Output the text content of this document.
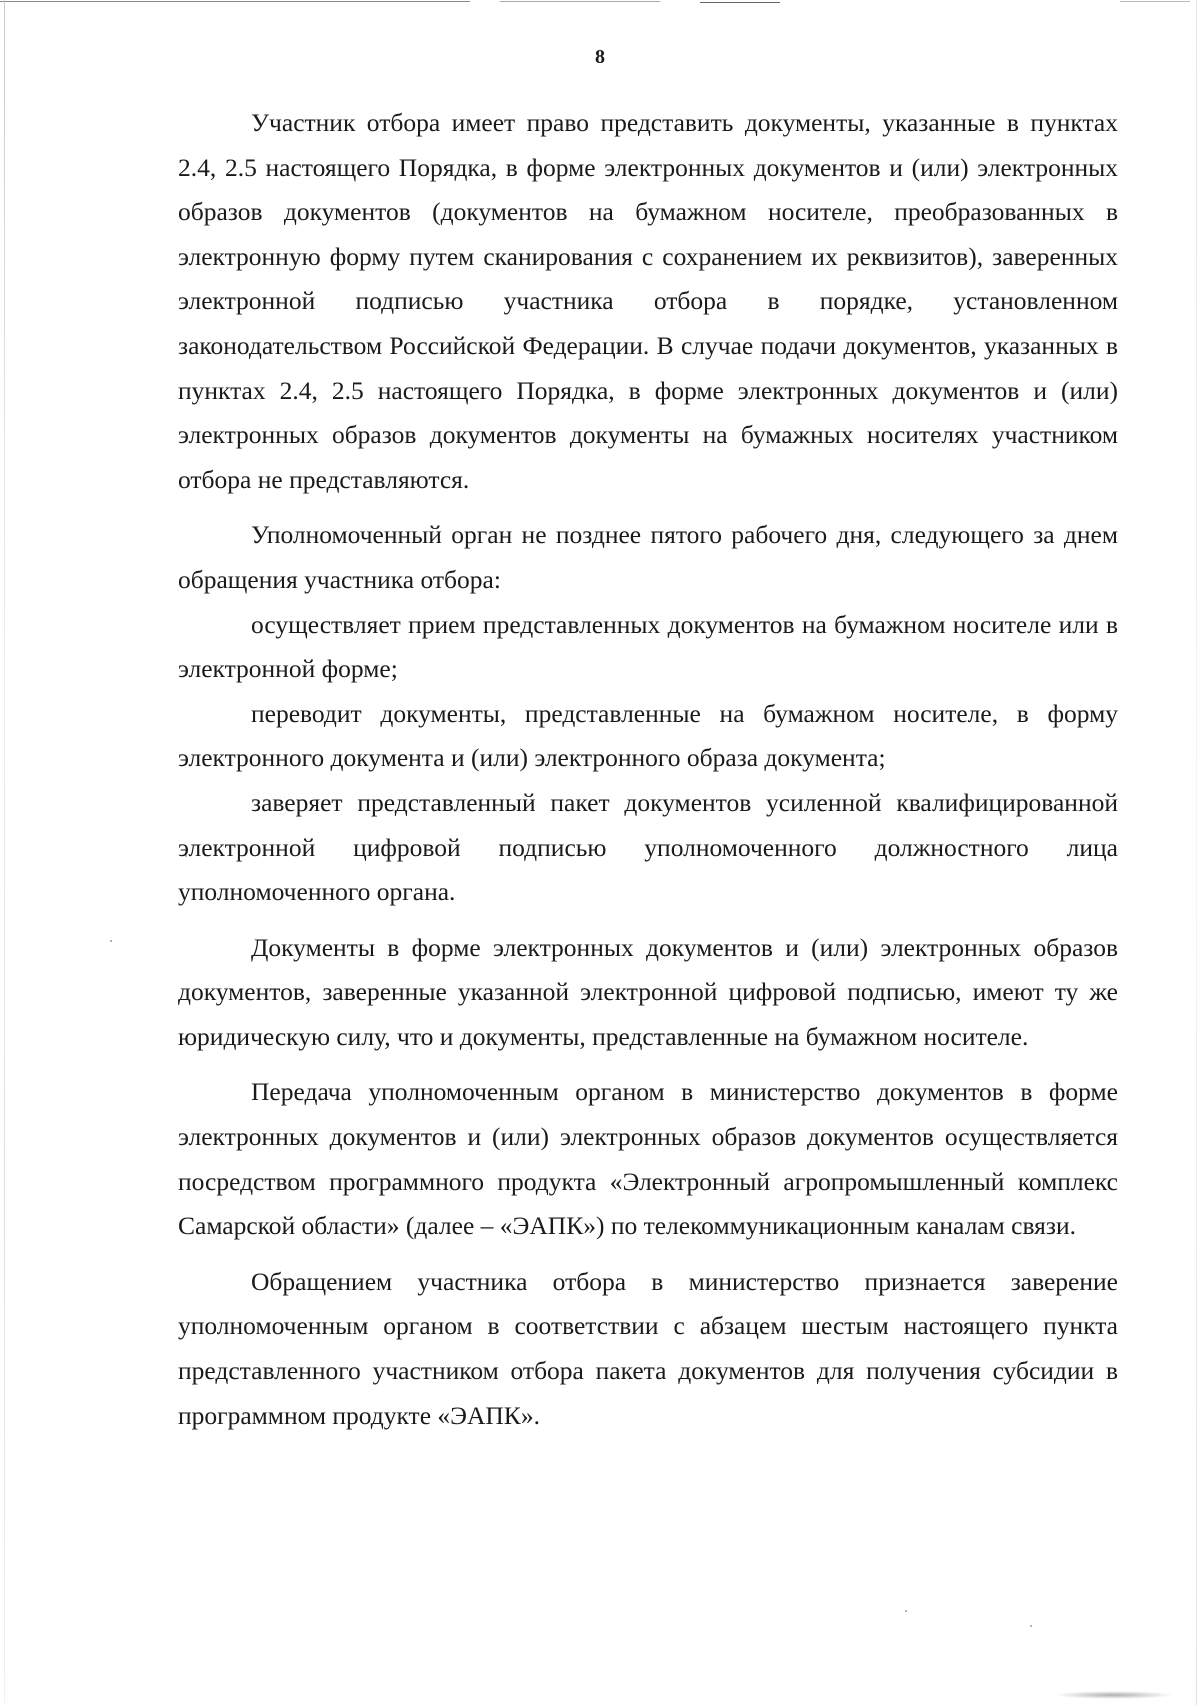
8

Участник отбора имеет право представить документы, указанные в пунктах 2.4, 2.5 настоящего Порядка, в форме электронных документов и (или) электронных образов документов (документов на бумажном носителе, преобразованных в электронную форму путем сканирования с сохранением их реквизитов), заверенных электронной подписью участника отбора в порядке, установленном законодательством Российской Федерации. В случае подачи документов, указанных в пунктах 2.4, 2.5 настоящего Порядка, в форме электронных документов и (или) электронных образов документов документы на бумажных носителях участником отбора не представляются.

Уполномоченный орган не позднее пятого рабочего дня, следующего за днем обращения участника отбора:

осуществляет прием представленных документов на бумажном носителе или в электронной форме;

переводит документы, представленные на бумажном носителе, в форму электронного документа и (или) электронного образа документа;

заверяет представленный пакет документов усиленной квалифицированной электронной цифровой подписью уполномоченного должностного лица уполномоченного органа.

Документы в форме электронных документов и (или) электронных образов документов, заверенные указанной электронной цифровой подписью, имеют ту же юридическую силу, что и документы, представленные на бумажном носителе.

Передача уполномоченным органом в министерство документов в форме электронных документов и (или) электронных образов документов осуществляется посредством программного продукта «Электронный агропромышленный комплекс Самарской области» (далее – «ЭАПК») по телекоммуникационным каналам связи.

Обращением участника отбора в министерство признается заверение уполномоченным органом в соответствии с абзацем шестым настоящего пункта представленного участником отбора пакета документов для получения субсидии в программном продукте «ЭАПК».
